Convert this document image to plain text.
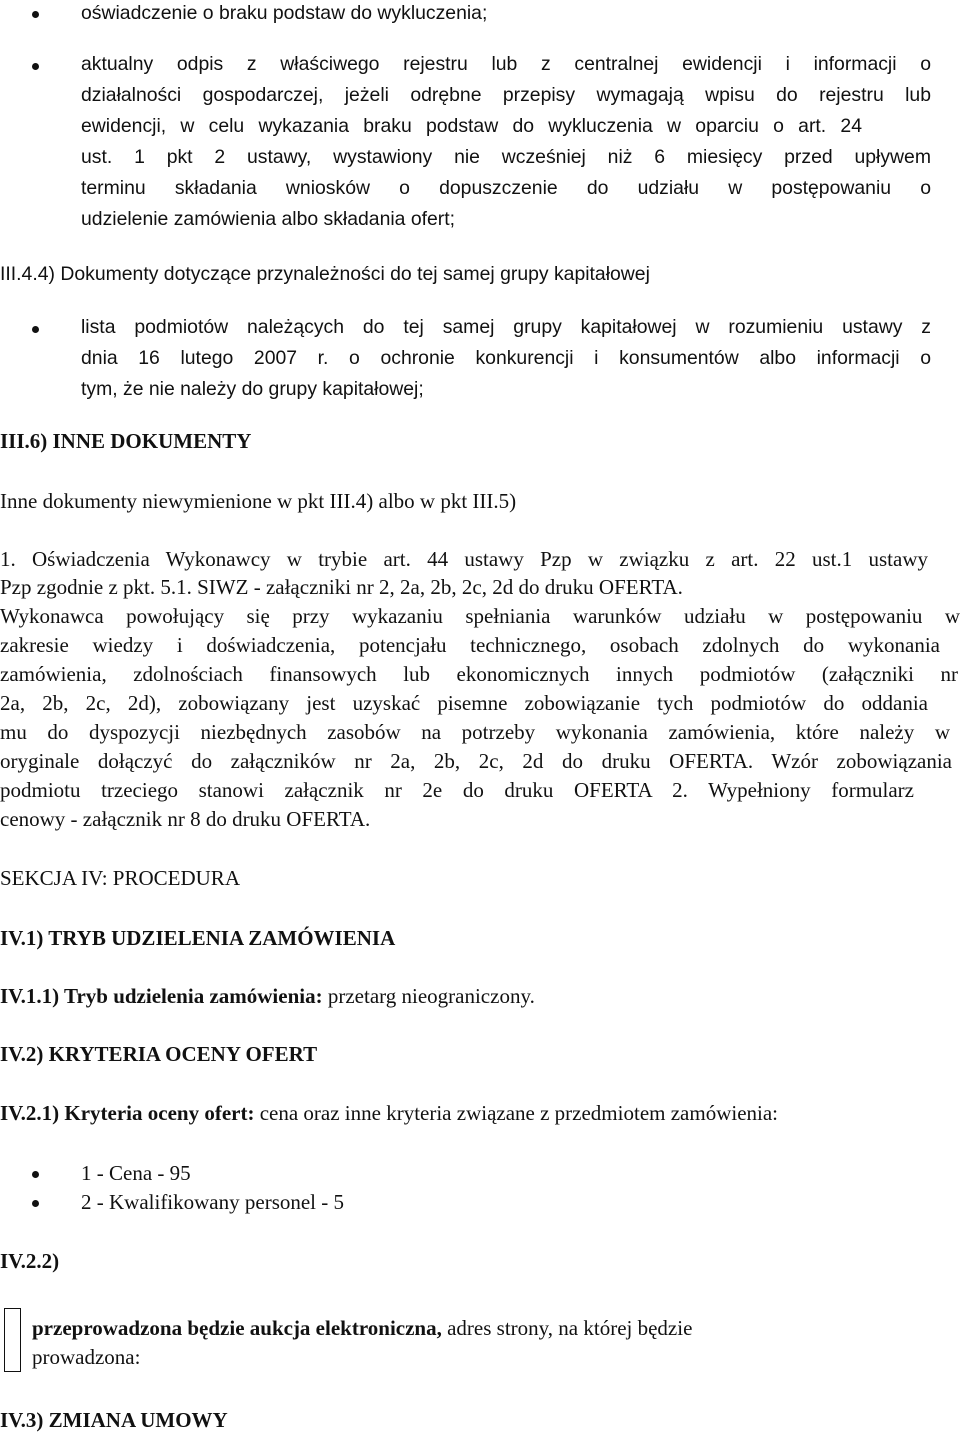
oświadczenie o braku podstaw do wykluczenia;
aktualny odpis z właściwego rejestru lub z centralnej ewidencji i informacji o
działalności gospodarczej, jeżeli odrębne przepisy wymagają wpisu do rejestru lub
ewidencji, w celu wykazania braku podstaw do wykluczenia w oparciu o art. 24
ust. 1 pkt 2 ustawy, wystawiony nie wcześniej niż 6 miesięcy przed upływem
terminu składania wniosków o dopuszczenie do udziału w postępowaniu o
udzielenie zamówienia albo składania ofert;
III.4.4) Dokumenty dotyczące przynależności do tej samej grupy kapitałowej
lista podmiotów należących do tej samej grupy kapitałowej w rozumieniu ustawy z
dnia 16 lutego 2007 r. o ochronie konkurencji i konsumentów albo informacji o
tym, że nie należy do grupy kapitałowej;
III.6) INNE DOKUMENTY
Inne dokumenty niewymienione w pkt III.4) albo w pkt III.5)
1. Oświadczenia Wykonawcy w trybie art. 44 ustawy Pzp w związku z art. 22 ust.1 ustawy
Pzp zgodnie z pkt. 5.1. SIWZ - załączniki nr 2, 2a, 2b, 2c, 2d do druku OFERTA.
Wykonawca powołujący się przy wykazaniu spełniania warunków udziału w postępowaniu w
zakresie wiedzy i doświadczenia, potencjału technicznego, osobach zdolnych do wykonania
zamówienia, zdolnościach finansowych lub ekonomicznych innych podmiotów (załączniki nr
2a, 2b, 2c, 2d), zobowiązany jest uzyskać pisemne zobowiązanie tych podmiotów do oddania
mu do dyspozycji niezbędnych zasobów na potrzeby wykonania zamówienia, które należy w
oryginale dołączyć do załączników nr 2a, 2b, 2c, 2d do druku OFERTA. Wzór zobowiązania
podmiotu trzeciego stanowi załącznik nr 2e do druku OFERTA 2. Wypełniony formularz
cenowy - załącznik nr 8 do druku OFERTA.
SEKCJA IV: PROCEDURA
IV.1) TRYB UDZIELENIA ZAMÓWIENIA
IV.1.1) Tryb udzielenia zamówienia: przetarg nieograniczony.
IV.2) KRYTERIA OCENY OFERT
IV.2.1) Kryteria oceny ofert: cena oraz inne kryteria związane z przedmiotem zamówienia:
1 - Cena - 95
2 - Kwalifikowany personel - 5
IV.2.2)
przeprowadzona będzie aukcja elektroniczna, adres strony, na której będzie
prowadzona:
IV.3) ZMIANA UMOWY
